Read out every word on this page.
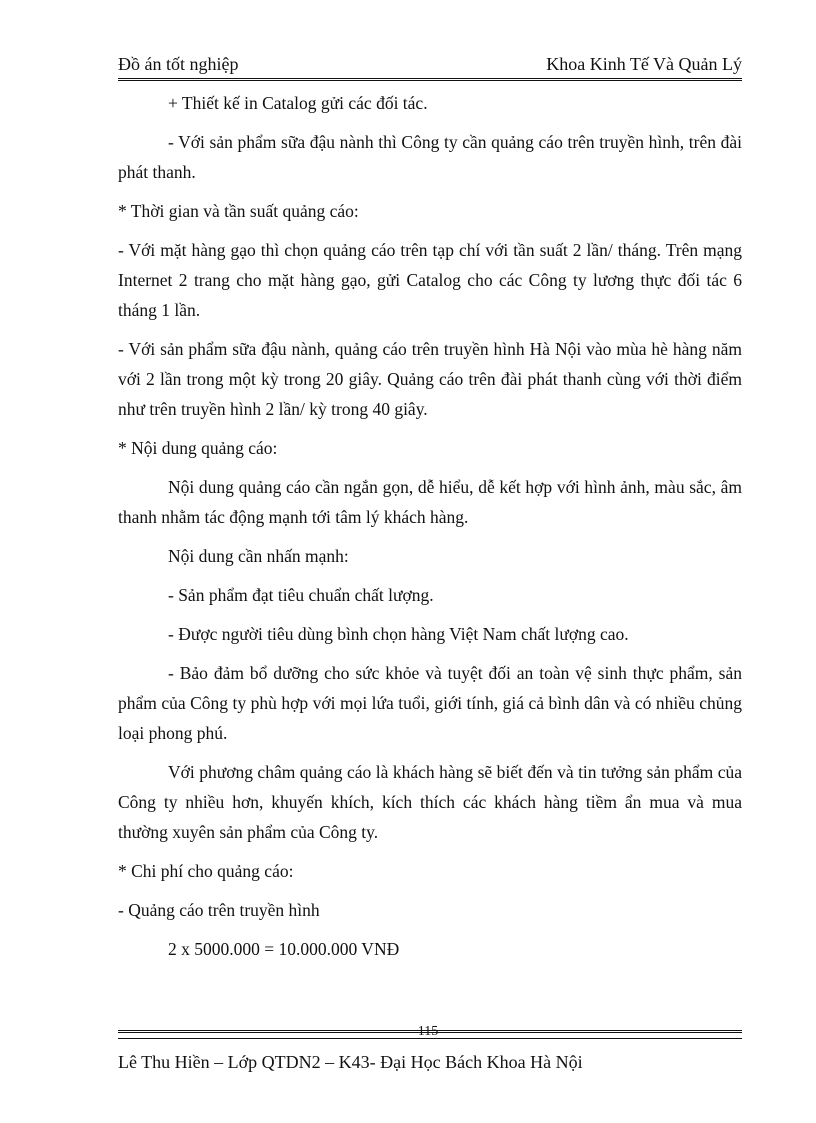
Đồ án tốt nghiệp	Khoa Kinh Tế Và Quản Lý

+ Thiết kế in Catalog gửi các đối tác.

- Với sản phẩm sữa đậu nành thì Công ty cần quảng cáo trên truyền hình, trên đài phát thanh.

* Thời gian và tần suất quảng cáo:

- Với mặt hàng gạo thì chọn quảng cáo trên tạp chí với tần suất 2 lần/ tháng. Trên mạng Internet 2 trang cho mặt hàng gạo, gửi Catalog cho các Công ty lương thực đối tác 6 tháng 1 lần.

- Với sản phẩm sữa đậu nành, quảng cáo trên truyền hình Hà Nội vào mùa hè hàng năm với 2 lần trong một kỳ trong 20 giây. Quảng cáo trên đài phát thanh cùng với thời điểm như trên truyền hình 2 lần/ kỳ trong 40 giây.

* Nội dung quảng cáo:

Nội dung quảng cáo cần ngắn gọn, dễ hiểu, dễ kết hợp với hình ảnh, màu sắc, âm thanh nhằm tác động mạnh tới tâm lý khách hàng.

Nội dung cần nhấn mạnh:

- Sản phẩm đạt tiêu chuẩn chất lượng.

- Được người tiêu dùng bình chọn hàng Việt Nam chất lượng cao.

- Bảo đảm bổ dưỡng cho sức khỏe và tuyệt đối an toàn vệ sinh thực phẩm, sản phẩm của Công ty phù hợp với mọi lứa tuổi, giới tính, giá cả bình dân và có nhiều chủng loại phong phú.

Với phương châm quảng cáo là khách hàng sẽ biết đến và tin tưởng sản phẩm của Công ty nhiều hơn, khuyến khích, kích thích các khách hàng tiềm ẩn mua và mua thường xuyên sản phẩm của Công ty.

* Chi phí cho quảng cáo:

- Quảng cáo trên truyền hình

2 x 5000.000 = 10.000.000 VNĐ

115
Lê Thu Hiền – Lớp QTDN2 – K43- Đại Học Bách Khoa Hà Nội
